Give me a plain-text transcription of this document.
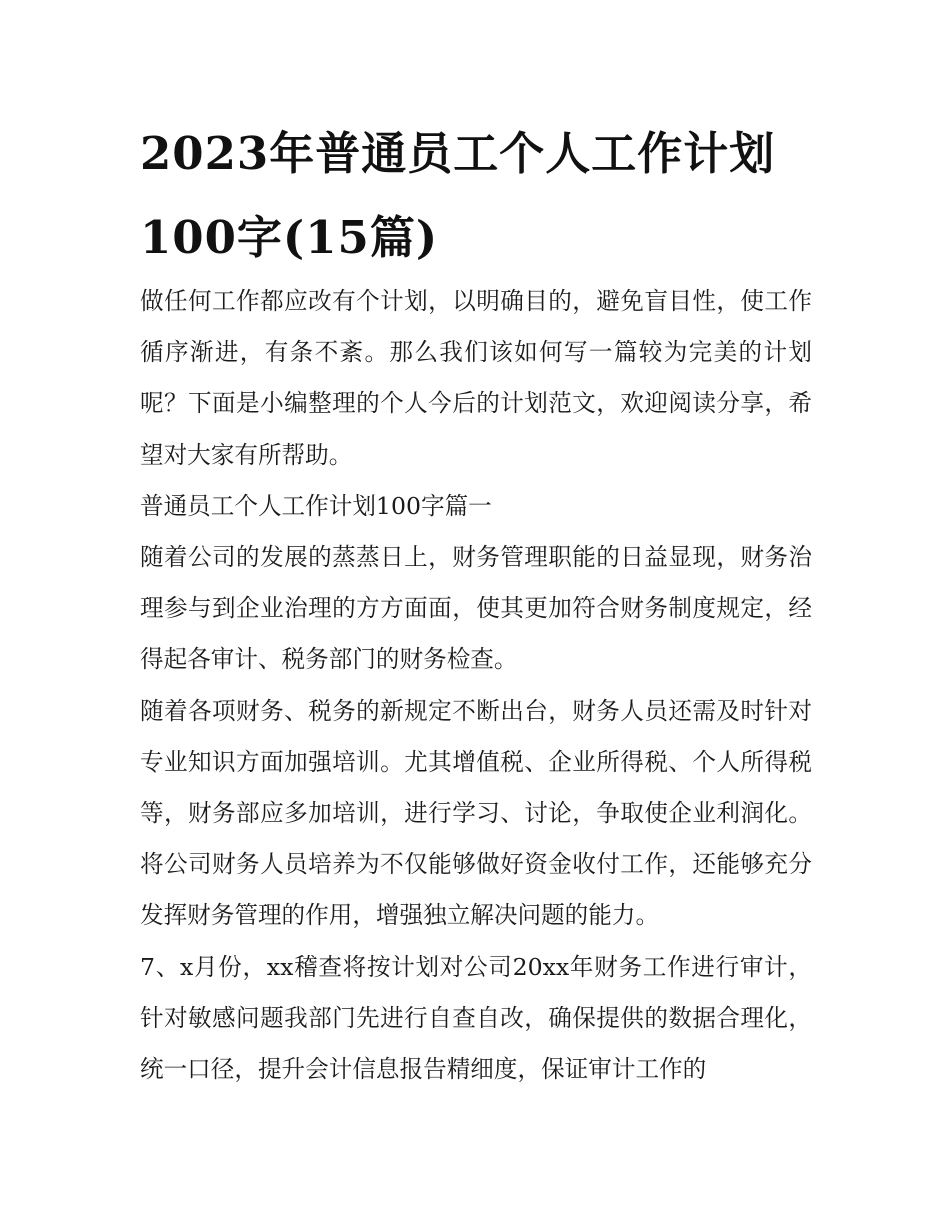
2023年普通员工个人工作计划100字(15篇)

做任何工作都应改有个计划，以明确目的，避免盲目性，使工作循序渐进，有条不紊。那么我们该如何写一篇较为完美的计划呢？下面是小编整理的个人今后的计划范文，欢迎阅读分享，希望对大家有所帮助。

普通员工个人工作计划100字篇一

随着公司的发展的蒸蒸日上，财务管理职能的日益显现，财务治理参与到企业治理的方方面面，使其更加符合财务制度规定，经得起各审计、税务部门的财务检查。

随着各项财务、税务的新规定不断出台，财务人员还需及时针对专业知识方面加强培训。尤其增值税、企业所得税、个人所得税等，财务部应多加培训，进行学习、讨论，争取使企业利润化。将公司财务人员培养为不仅能够做好资金收付工作，还能够充分发挥财务管理的作用，增强独立解决问题的能力。

7、x月份，xx稽查将按计划对公司20xx年财务工作进行审计，针对敏感问题我部门先进行自查自改，确保提供的数据合理化，统一口径，提升会计信息报告精细度，保证审计工作的
